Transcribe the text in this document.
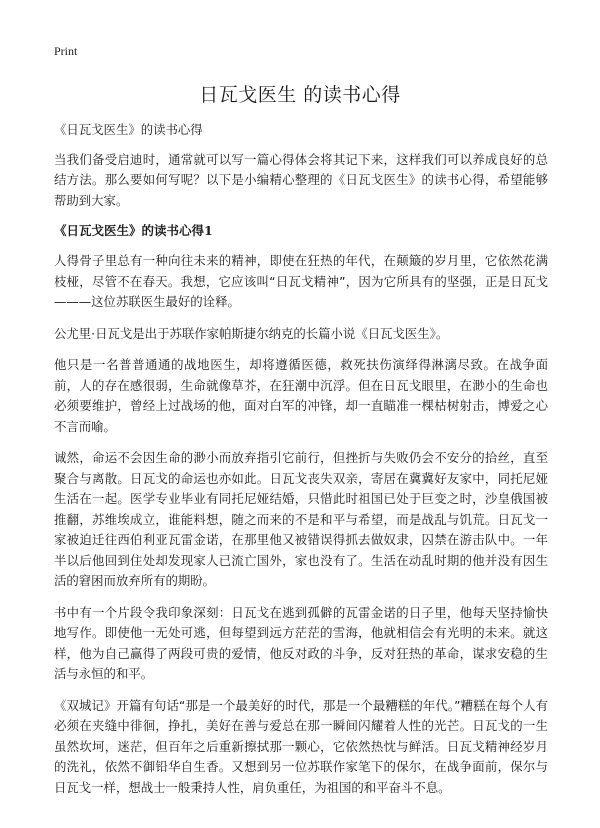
Print
日瓦戈医生 的读书心得

《日瓦戈医生》的读书心得

当我们备受启迪时，通常就可以写一篇心得体会将其记下来，这样我们可以养成良好的总结方法。那么要如何写呢？以下是小编精心整理的《日瓦戈医生》的读书心得，希望能够帮助到大家。

《日瓦戈医生》的读书心得1

人得骨子里总有一种向往未来的精神，即使在狂热的年代，在颠簸的岁月里，它依然花满枝桠，尽管不在春天。我想，它应该叫“日瓦戈精神”，因为它所具有的坚强，正是日瓦戈———这位苏联医生最好的诠释。

公尤里·日瓦戈是出于苏联作家帕斯捷尔纳克的长篇小说《日瓦戈医生》。

他只是一名普普通通的战地医生，却将遵循医德，救死扶伤演绎得淋漓尽致。在战争面前，人的存在感很弱，生命就像草芥，在狂潮中沉浮。但在日瓦戈眼里，在渺小的生命也必须要维护，曾经上过战场的他，面对白军的冲锋，却一直瞄准一棵枯树射击，博爱之心不言而喻。

诚然，命运不会因生命的渺小而放弃指引它前行，但挫折与失败仍会不安分的拾丝，直至聚合与离散。日瓦戈的命运也亦如此。日瓦戈丧失双亲，寄居在冀冀好友家中，同托尼娅生活在一起。医学专业毕业有同托尼娅结婚，只惜此时祖国已处于巨变之时，沙皇俄国被推翻，苏维埃成立，谁能料想，随之而来的不是和平与希望，而是战乱与饥荒。日瓦戈一家被迫迁往西伯利亚瓦雷金诺，在那里他又被错误得抓去做奴隶，囚禁在游击队中。一年半以后他回到住处却发现家人已流亡国外，家也没有了。生活在动乱时期的他并没有因生活的窘困而放弃所有的期盼。

书中有一个片段令我印象深刻：日瓦戈在逃到孤僻的瓦雷金诺的日子里，他每天坚持愉快地写作。即使他一无处可逃，但每望到远方茫茫的雪海，他就相信会有光明的未来。就这样，他为自己赢得了两段可贵的爱情，他反对政的斗争，反对狂热的革命，谋求安稳的生活与永恒的和平。

《双城记》开篇有句话“那是一个最美好的时代，那是一个最糟糕的年代。”糟糕在每个人有必须在夹缝中徘徊，挣扎，美好在善与爱总在那一瞬间闪耀着人性的光芒。日瓦戈的一生虽然坎坷，迷茫，但百年之后重新擦拭那一颗心，它依然热忱与鲜活。日瓦戈精神经岁月的洗礼，依然不御铅华自生香。又想到另一位苏联作家笔下的保尔，在战争面前，保尔与日瓦戈一样，想战士一般秉持人性，肩负重任，为祖国的和平奋斗不息。
